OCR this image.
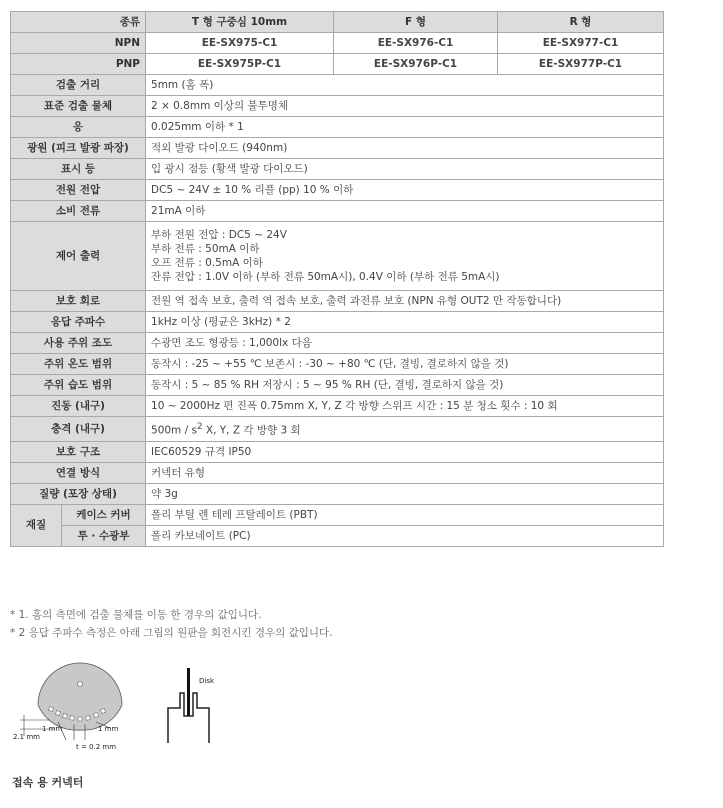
종류		T 형 구중심 10mm	F 형	R 형
NPN		EE-SX975-C1	EE-SX976-C1	EE-SX977-C1
PNP		EE-SX975P-C1	EE-SX976P-C1	EE-SX977P-C1
검출 거리		5mm (홈 폭)		
표준 검출 물체		2 × 0.8mm 이상의 불투명체		
응		0.025mm 이하 * 1		
광원 (피크 발광 파장)		적외 발광 다이오드 (940nm)		
표시 등		입 광시 점등 (황색 발광 다이오드)		
전원 전압		DC5 ~ 24V ± 10 % 리플 (pp) 10 % 이하		
소비 전류		21mA 이하		
제어 출력		부하 전원 전압 : DC5 ~ 24V
부하 전류 : 50mA 이하
오프 전류 : 0.5mA 이하
잔류 전압 : 1.0V 이하 (부하 전류 50mA시), 0.4V 이하 (부하 전류 5mA시)		

보호 회로		전원 역 접속 보호, 출력 역 접속 보호, 출력 과전류 보호 (NPN 유형 OUT2 만 작동합니다)		
응답 주파수		1kHz 이상 (평균은 3kHz) * 2		
사용 주위 조도		수광면 조도 형광등 : 1,000lx 다음		
주위 온도 범위		동작시 : -25 ~ +55 ℃ 보존시 : -30 ~ +80 ℃ (단, 결빙, 결로하지 않을 것)		
주위 습도 범위		동작시 : 5 ~ 85 % RH 저장시 : 5 ~ 95 % RH (단, 결빙, 결로하지 않을 것)		
진동 (내구)		10 ~ 2000Hz 편 진폭 0.75mm X, Y, Z 각 방향 스위프 시간 : 15 분 청소 횟수 : 10 회		
충격 (내구)		$500m / s^2$ X, Y, Z 각 방향 3 회		
보호 구조		IEC60529 규격 IP50		
연결 방식		커넥터 유형		
질량 (포장 상태)		약 3g		
재질	케이스 커버	폴리 부틸 렌 테레 프탈레이트 (PBT)		
	투 · 수광부	폴리 카보네이트 (PC)		
* 1. 홈의 측면에 검출 물체를 이동 한 경우의 값입니다.
* 2 응답 주파수 측정은 아래 그림의 원판을 회전시킨 경우의 값입니다.
1 mm	1 mm
2.1 mm
t = 0.2 mm
Disk
접속 용 커넥터
